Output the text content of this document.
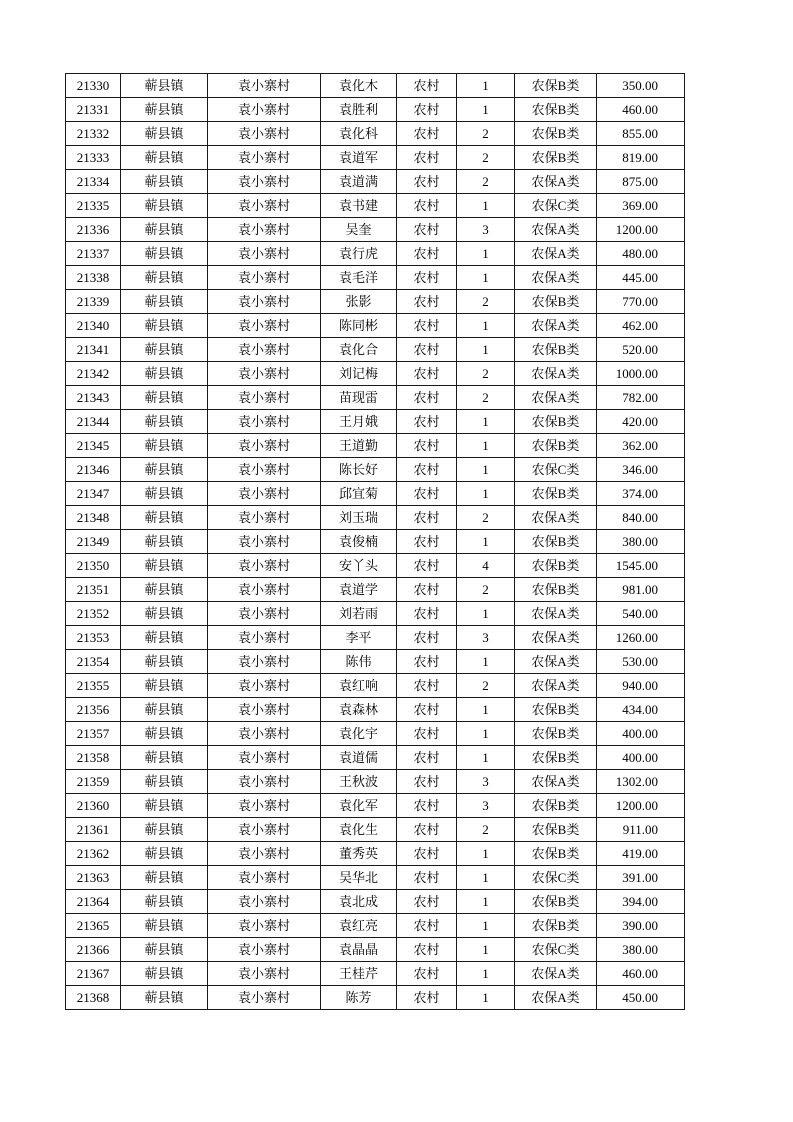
21330	蕲县镇	袁小寨村	袁化木	农村	1	农保B类	350.00
21331	蕲县镇	袁小寨村	袁胜利	农村	1	农保B类	460.00
21332	蕲县镇	袁小寨村	袁化科	农村	2	农保B类	855.00
21333	蕲县镇	袁小寨村	袁道军	农村	2	农保B类	819.00
21334	蕲县镇	袁小寨村	袁道满	农村	2	农保A类	875.00
21335	蕲县镇	袁小寨村	袁书建	农村	1	农保C类	369.00
21336	蕲县镇	袁小寨村	吴奎	农村	3	农保A类	1200.00
21337	蕲县镇	袁小寨村	袁行虎	农村	1	农保A类	480.00
21338	蕲县镇	袁小寨村	袁毛洋	农村	1	农保A类	445.00
21339	蕲县镇	袁小寨村	张影	农村	2	农保B类	770.00
21340	蕲县镇	袁小寨村	陈同彬	农村	1	农保A类	462.00
21341	蕲县镇	袁小寨村	袁化合	农村	1	农保B类	520.00
21342	蕲县镇	袁小寨村	刘记梅	农村	2	农保A类	1000.00
21343	蕲县镇	袁小寨村	苗现雷	农村	2	农保A类	782.00
21344	蕲县镇	袁小寨村	王月娥	农村	1	农保B类	420.00
21345	蕲县镇	袁小寨村	王道勤	农村	1	农保B类	362.00
21346	蕲县镇	袁小寨村	陈长好	农村	1	农保C类	346.00
21347	蕲县镇	袁小寨村	邱宜菊	农村	1	农保B类	374.00
21348	蕲县镇	袁小寨村	刘玉瑞	农村	2	农保A类	840.00
21349	蕲县镇	袁小寨村	袁俊楠	农村	1	农保B类	380.00
21350	蕲县镇	袁小寨村	安丫头	农村	4	农保B类	1545.00
21351	蕲县镇	袁小寨村	袁道学	农村	2	农保B类	981.00
21352	蕲县镇	袁小寨村	刘若雨	农村	1	农保A类	540.00
21353	蕲县镇	袁小寨村	李平	农村	3	农保A类	1260.00
21354	蕲县镇	袁小寨村	陈伟	农村	1	农保A类	530.00
21355	蕲县镇	袁小寨村	袁红响	农村	2	农保A类	940.00
21356	蕲县镇	袁小寨村	袁森林	农村	1	农保B类	434.00
21357	蕲县镇	袁小寨村	袁化宇	农村	1	农保B类	400.00
21358	蕲县镇	袁小寨村	袁道儒	农村	1	农保B类	400.00
21359	蕲县镇	袁小寨村	王秋波	农村	3	农保A类	1302.00
21360	蕲县镇	袁小寨村	袁化军	农村	3	农保B类	1200.00
21361	蕲县镇	袁小寨村	袁化生	农村	2	农保B类	911.00
21362	蕲县镇	袁小寨村	董秀英	农村	1	农保B类	419.00
21363	蕲县镇	袁小寨村	吴华北	农村	1	农保C类	391.00
21364	蕲县镇	袁小寨村	袁北成	农村	1	农保B类	394.00
21365	蕲县镇	袁小寨村	袁红亮	农村	1	农保B类	390.00
21366	蕲县镇	袁小寨村	袁晶晶	农村	1	农保C类	380.00
21367	蕲县镇	袁小寨村	王桂芹	农村	1	农保A类	460.00
21368	蕲县镇	袁小寨村	陈芳	农村	1	农保A类	450.00
